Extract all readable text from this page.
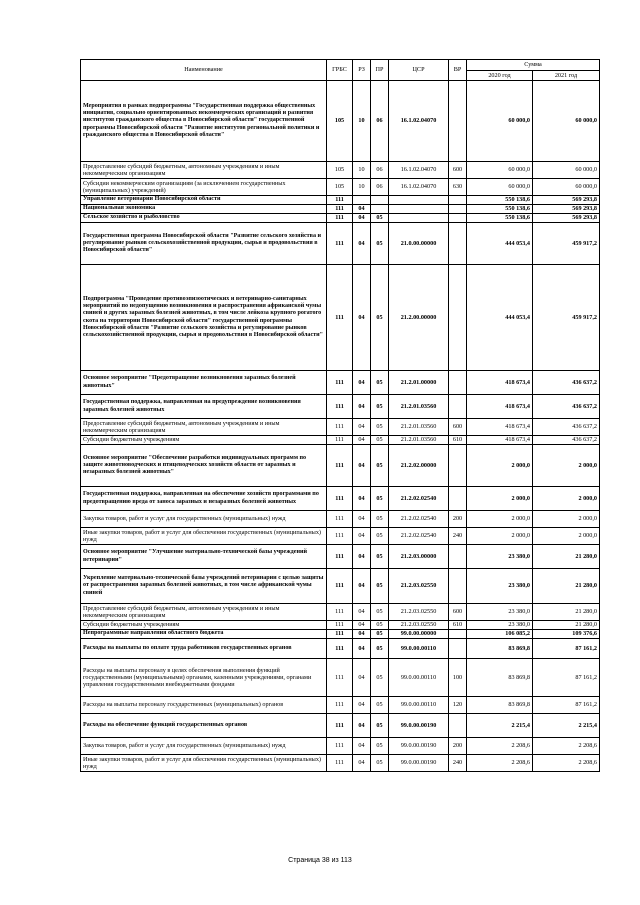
Наименование	ГРБС	РЗ	ПР	ЦСР	ВР	Сумма	
						2020 год	2021 год
Мероприятия в рамках подпрограммы "Государственная поддержка общественных инициатив, социально ориентированных некоммерческих организаций и развития институтов гражданского общества в Новосибирской области" государственной программы Новосибирской области "Развитие институтов региональной политики и гражданского общества в Новосибирской области"	105	10	06	16.1.02.04070		60 000,0	60 000,0
Предоставление субсидий бюджетным, автономным учреждениям и иным некоммерческим организациям	105	10	06	16.1.02.04070	600	60 000,0	60 000,0
Субсидии некоммерческим организациям (за исключением государственных (муниципальных) учреждений)	105	10	06	16.1.02.04070	630	60 000,0	60 000,0
Управление ветеринарии Новосибирской области	111					550 138,6	569 293,8
Национальная экономика	111	04				550 138,6	569 293,8
Сельское хозяйство и рыболовство	111	04	05			550 138,6	569 293,8
Государственная программа Новосибирской области "Развитие сельского хозяйства и регулирование рынков сельскохозяйственной продукции, сырья и продовольствия в Новосибирской области"	111	04	05	21.0.00.00000		444 053,4	459 917,2
Подпрограмма "Проведение противоэпизоотических и ветеринарно-санитарных мероприятий по недопущению возникновения и распространения африканской чумы свиней и других заразных болезней животных, в том числе лейкоза крупного рогатого скота на территории Новосибирской области" государственной программы Новосибирской области "Развитие сельского хозяйства и регулирование рынков сельскохозяйственной продукции, сырья и продовольствия в Новосибирской области"	111	04	05	21.2.00.00000		444 053,4	459 917,2
Основное мероприятие "Предотвращение возникновения заразных болезней животных"	111	04	05	21.2.01.00000		418 673,4	436 637,2
Государственная поддержка, направленная на предупреждение возникновения заразных болезней животных	111	04	05	21.2.01.03560		418 673,4	436 637,2
Предоставление субсидий бюджетным, автономным учреждениям и иным некоммерческим организациям	111	04	05	21.2.01.03560	600	418 673,4	436 637,2
Субсидии бюджетным учреждениям	111	04	05	21.2.01.03560	610	418 673,4	436 637,2
Основное мероприятие "Обеспечение разработки индивидуальных программ по защите животноводческих и птицеводческих хозяйств области от заразных и незаразных болезней животных"	111	04	05	21.2.02.00000		2 000,0	2 000,0
Государственная поддержка, направленная на обеспечение хозяйств программами по предотвращению вреда от заноса заразных и незаразных болезней животных	111	04	05	21.2.02.02540		2 000,0	2 000,0
Закупка товаров, работ и услуг для государственных (муниципальных) нужд	111	04	05	21.2.02.02540	200	2 000,0	2 000,0
Иные закупки товаров, работ и услуг для обеспечения государственных (муниципальных) нужд	111	04	05	21.2.02.02540	240	2 000,0	2 000,0
Основное мероприятие "Улучшение материально-технической базы учреждений ветеринарии"	111	04	05	21.2.03.00000		23 380,0	21 280,0
Укрепление материально-технической базы учреждений ветеринарии с целью защиты от распространения заразных болезней животных, в том числе африканской чумы свиней	111	04	05	21.2.03.02550		23 380,0	21 280,0
Предоставление субсидий бюджетным, автономным учреждениям и иным некоммерческим организациям	111	04	05	21.2.03.02550	600	23 380,0	21 280,0
Субсидии бюджетным учреждениям	111	04	05	21.2.03.02550	610	23 380,0	21 280,0
Непрограммные направления областного бюджета	111	04	05	99.0.00.00000		106 085,2	109 376,6
Расходы на выплаты по оплате труда работников государственных органов	111	04	05	99.0.00.00110		83 869,8	87 161,2
Расходы на выплаты персоналу в целях обеспечения выполнения функций государственными (муниципальными) органами, казенными учреждениями, органами управления государственными внебюджетными фондами	111	04	05	99.0.00.00110	100	83 869,8	87 161,2
Расходы на выплаты персоналу государственных (муниципальных) органов	111	04	05	99.0.00.00110	120	83 869,8	87 161,2
Расходы на обеспечение функций государственных органов	111	04	05	99.0.00.00190		2 215,4	2 215,4
Закупка товаров, работ и услуг для государственных (муниципальных) нужд	111	04	05	99.0.00.00190	200	2 208,6	2 208,6
Иные закупки товаров, работ и услуг для обеспечения государственных (муниципальных) нужд	111	04	05	99.0.00.00190	240	2 208,6	2 208,6
Страница 38 из 113
